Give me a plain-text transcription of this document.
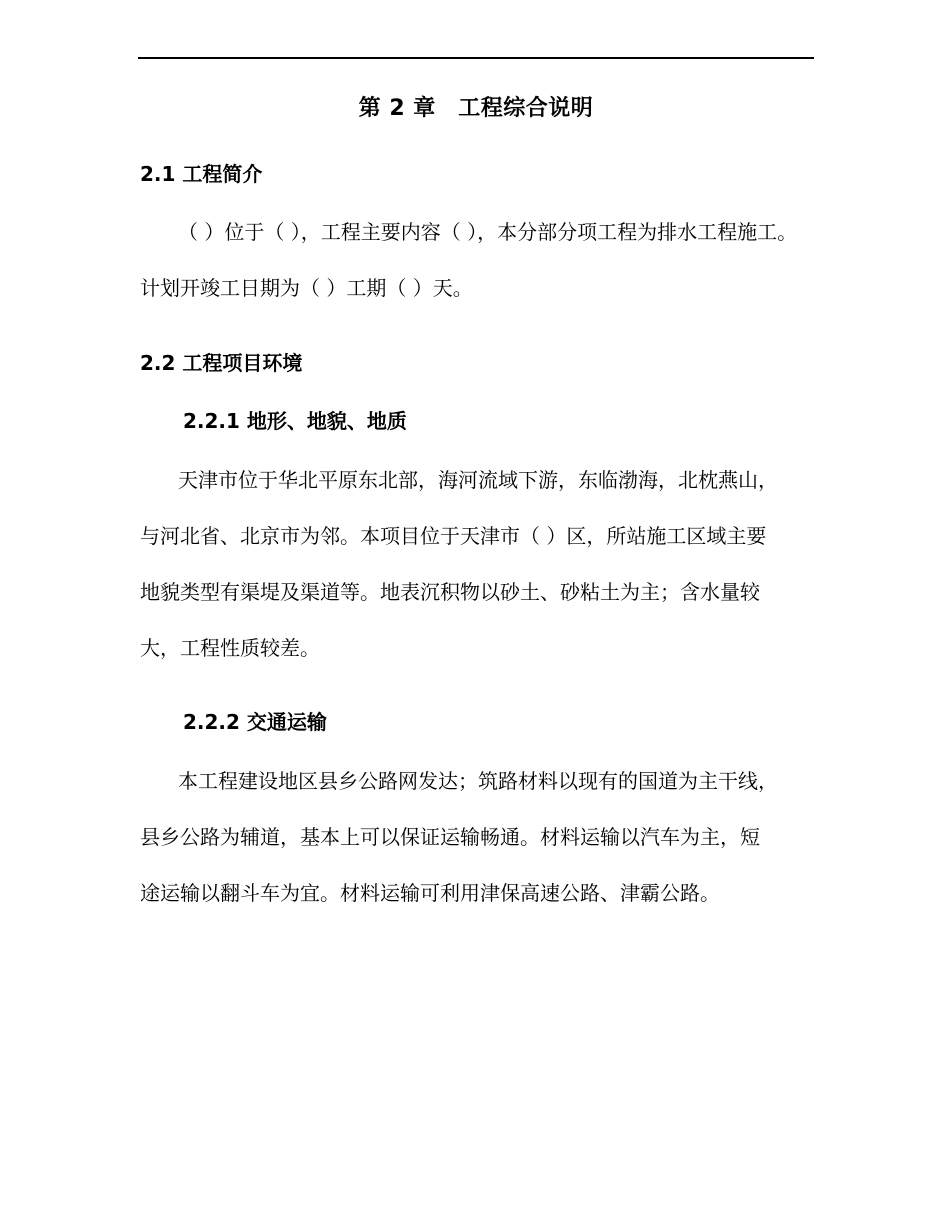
第 2 章　工程综合说明
2.1 工程简介

（ ）位于（ ），工程主要内容（ ），本分部分项工程为排水工程施工。
计划开竣工日期为（ ）工期（ ）天。

2.2 工程项目环境
2.2.1 地形、地貌、地质

天津市位于华北平原东北部，海河流域下游，东临渤海，北枕燕山，
与河北省、北京市为邻。本项目位于天津市（ ）区，所站施工区域主要
地貌类型有渠堤及渠道等。地表沉积物以砂土、砂粘土为主；含水量较
大，工程性质较差。

2.2.2 交通运输

本工程建设地区县乡公路网发达；筑路材料以现有的国道为主干线，
县乡公路为辅道，基本上可以保证运输畅通。材料运输以汽车为主，短
途运输以翻斗车为宜。材料运输可利用津保高速公路、津霸公路。
